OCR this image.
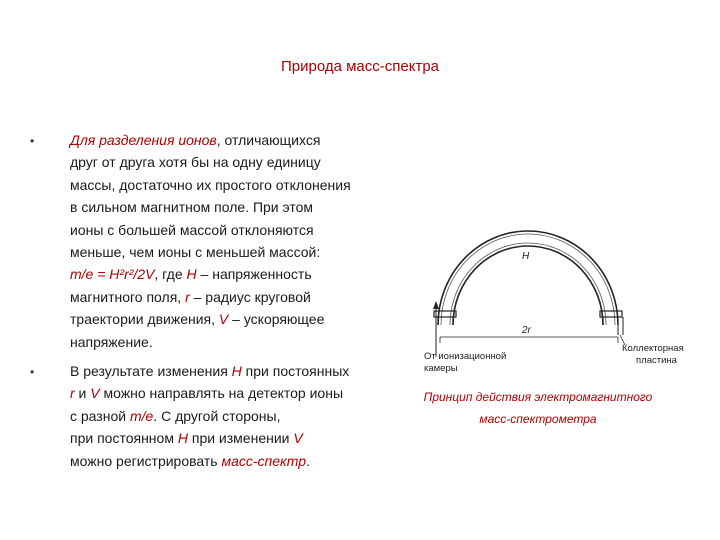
Природа масс-спектра
•	Для разделения ионов, отличающихся
друг от друга хотя бы на одну единицу
массы, достаточно их простого отклонения
в сильном магнитном поле. При этом
ионы с большей массой отклоняются
меньше, чем ионы с меньшей массой:
m/e = H²r²/2V, где H – напряженность
магнитного поля, r – радиус круговой
траектории движения, V – ускоряющее
напряжение.
•	В результате изменения H при постоянных
r и V можно направлять на детектор ионы
с разной m/e. С другой стороны,
при постоянном H при изменении V
можно регистрировать масс-спектр.
2r
H
От ионизационной
камеры
Коллекторная
пластина
Принцип действия электромагнитного
масс-спектрометра
